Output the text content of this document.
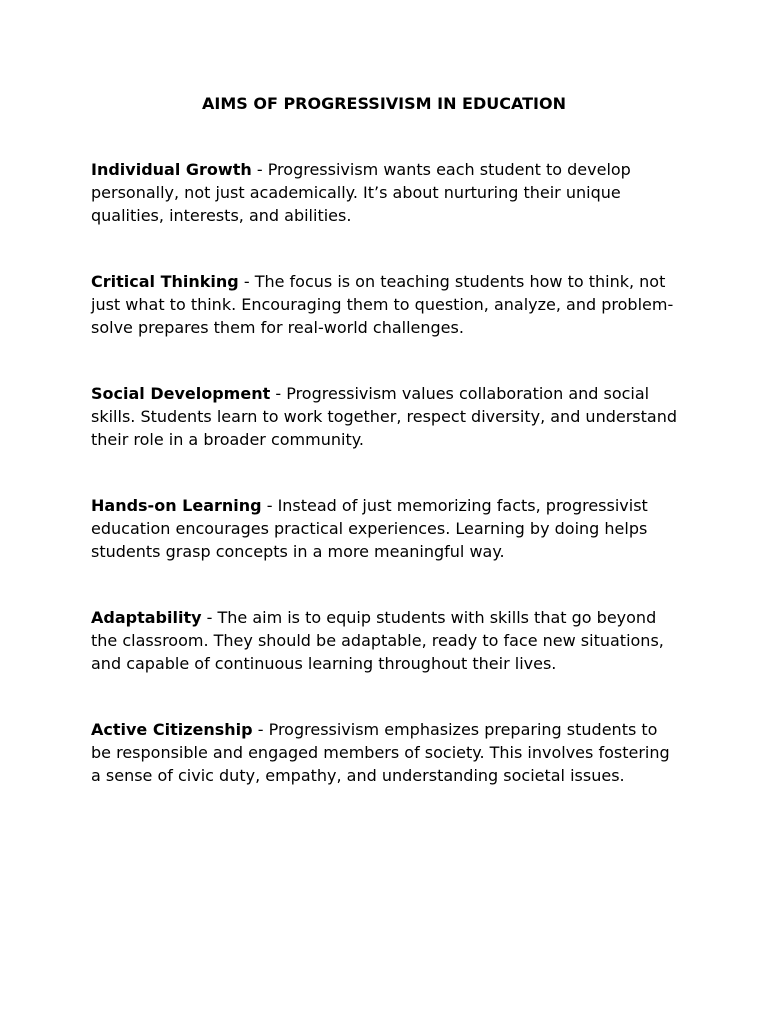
AIMS OF PROGRESSIVISM IN EDUCATION

Individual Growth - Progressivism wants each student to develop personally, not just academically. It’s about nurturing their unique qualities, interests, and abilities.

Critical Thinking - The focus is on teaching students how to think, not just what to think. Encouraging them to question, analyze, and problem-solve prepares them for real-world challenges.

Social Development - Progressivism values collaboration and social skills. Students learn to work together, respect diversity, and understand their role in a broader community.

Hands-on Learning - Instead of just memorizing facts, progressivist education encourages practical experiences. Learning by doing helps students grasp concepts in a more meaningful way.

Adaptability - The aim is to equip students with skills that go beyond the classroom. They should be adaptable, ready to face new situations, and capable of continuous learning throughout their lives.

Active Citizenship - Progressivism emphasizes preparing students to be responsible and engaged members of society. This involves fostering a sense of civic duty, empathy, and understanding societal issues.
